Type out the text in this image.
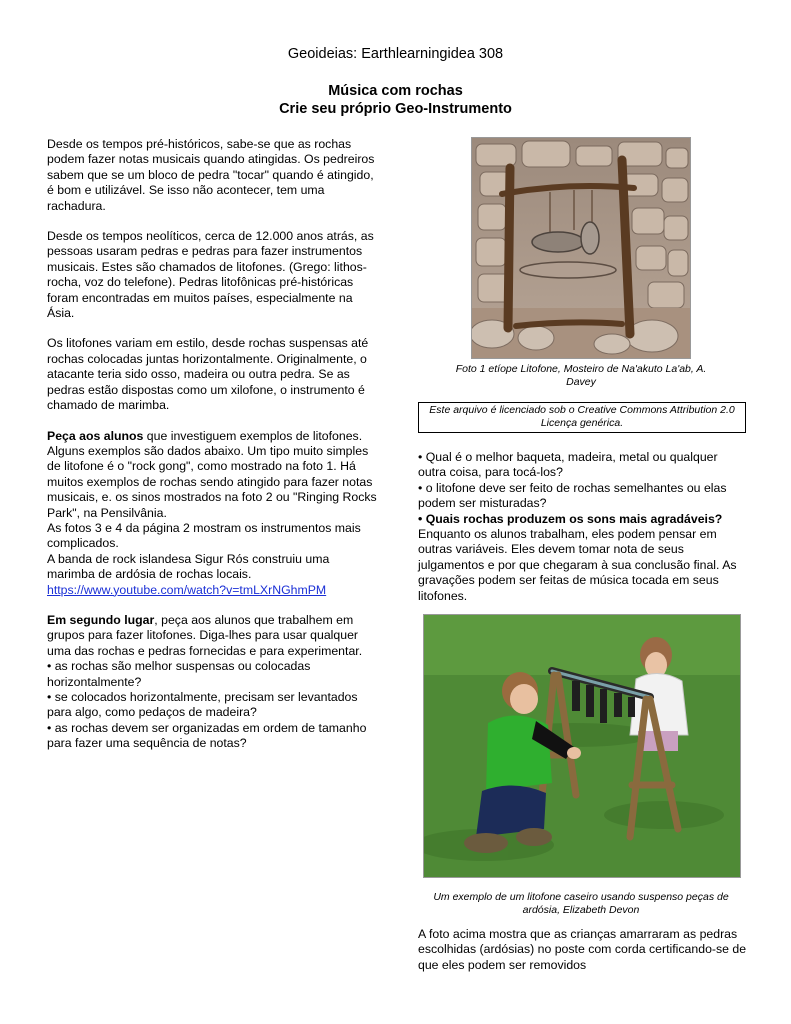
Geoideias: Earthlearningidea 308
Música com rochas
Crie seu próprio Geo-Instrumento

Desde os tempos pré-históricos, sabe-se que as rochas podem fazer notas musicais quando atingidas. Os pedreiros sabem que se um bloco de pedra "tocar" quando é atingido, é bom e utilizável. Se isso não acontecer, tem uma rachadura.

Desde os tempos neolíticos, cerca de 12.000 anos atrás, as pessoas usaram pedras e pedras para fazer instrumentos musicais. Estes são chamados de litofones. (Grego: lithos-rocha, voz do telefone). Pedras litofônicas pré-históricas foram encontradas em muitos países, especialmente na Ásia.

Os litofones variam em estilo, desde rochas suspensas até rochas colocadas juntas horizontalmente. Originalmente, o atacante teria sido osso, madeira ou outra pedra. Se as pedras estão dispostas como um xilofone, o instrumento é chamado de marimba.

Peça aos alunos que investiguem exemplos de litofones. Alguns exemplos são dados abaixo. Um tipo muito simples de litofone é o "rock gong", como mostrado na foto 1. Há muitos exemplos de rochas sendo atingido para fazer notas musicais, e. os sinos mostrados na foto 2 ou "Ringing Rocks Park", na Pensilvânia.
As fotos 3 e 4 da página 2 mostram os instrumentos mais complicados.
A banda de rock islandesa Sigur Rós construiu uma marimba de ardósia de rochas locais.
https://www.youtube.com/watch?v=tmLXrNGhmPM

Em segundo lugar, peça aos alunos que trabalhem em grupos para fazer litofones. Diga-lhes para usar qualquer uma das rochas e pedras fornecidas e para experimentar.
• as rochas são melhor suspensas ou colocadas horizontalmente?
• se colocados horizontalmente, precisam ser levantados para algo, como pedaços de madeira?
• as rochas devem ser organizadas em ordem de tamanho para fazer uma sequência de notas?

Foto 1 etíope Litofone, Mosteiro de Na'akuto La'ab, A. Davey
Este arquivo é licenciado sob o Creative Commons Attribution 2.0 Licença genérica.
• Qual é o melhor baqueta, madeira, metal ou qualquer outra coisa, para tocá-los?
• o litofone deve ser feito de rochas semelhantes ou elas podem ser misturadas?
• Quais rochas produzem os sons mais agradáveis?
Enquanto os alunos trabalham, eles podem pensar em outras variáveis. Eles devem tomar nota de seus julgamentos e por que chegaram à sua conclusão final. As gravações podem ser feitas de música tocada em seus litofones.
Um exemplo de um litofone caseiro usando suspenso peças de ardósia, Elizabeth Devon
A foto acima mostra que as crianças amarraram as pedras escolhidas (ardósias) no poste com corda certificando-se de que eles podem ser removidos
